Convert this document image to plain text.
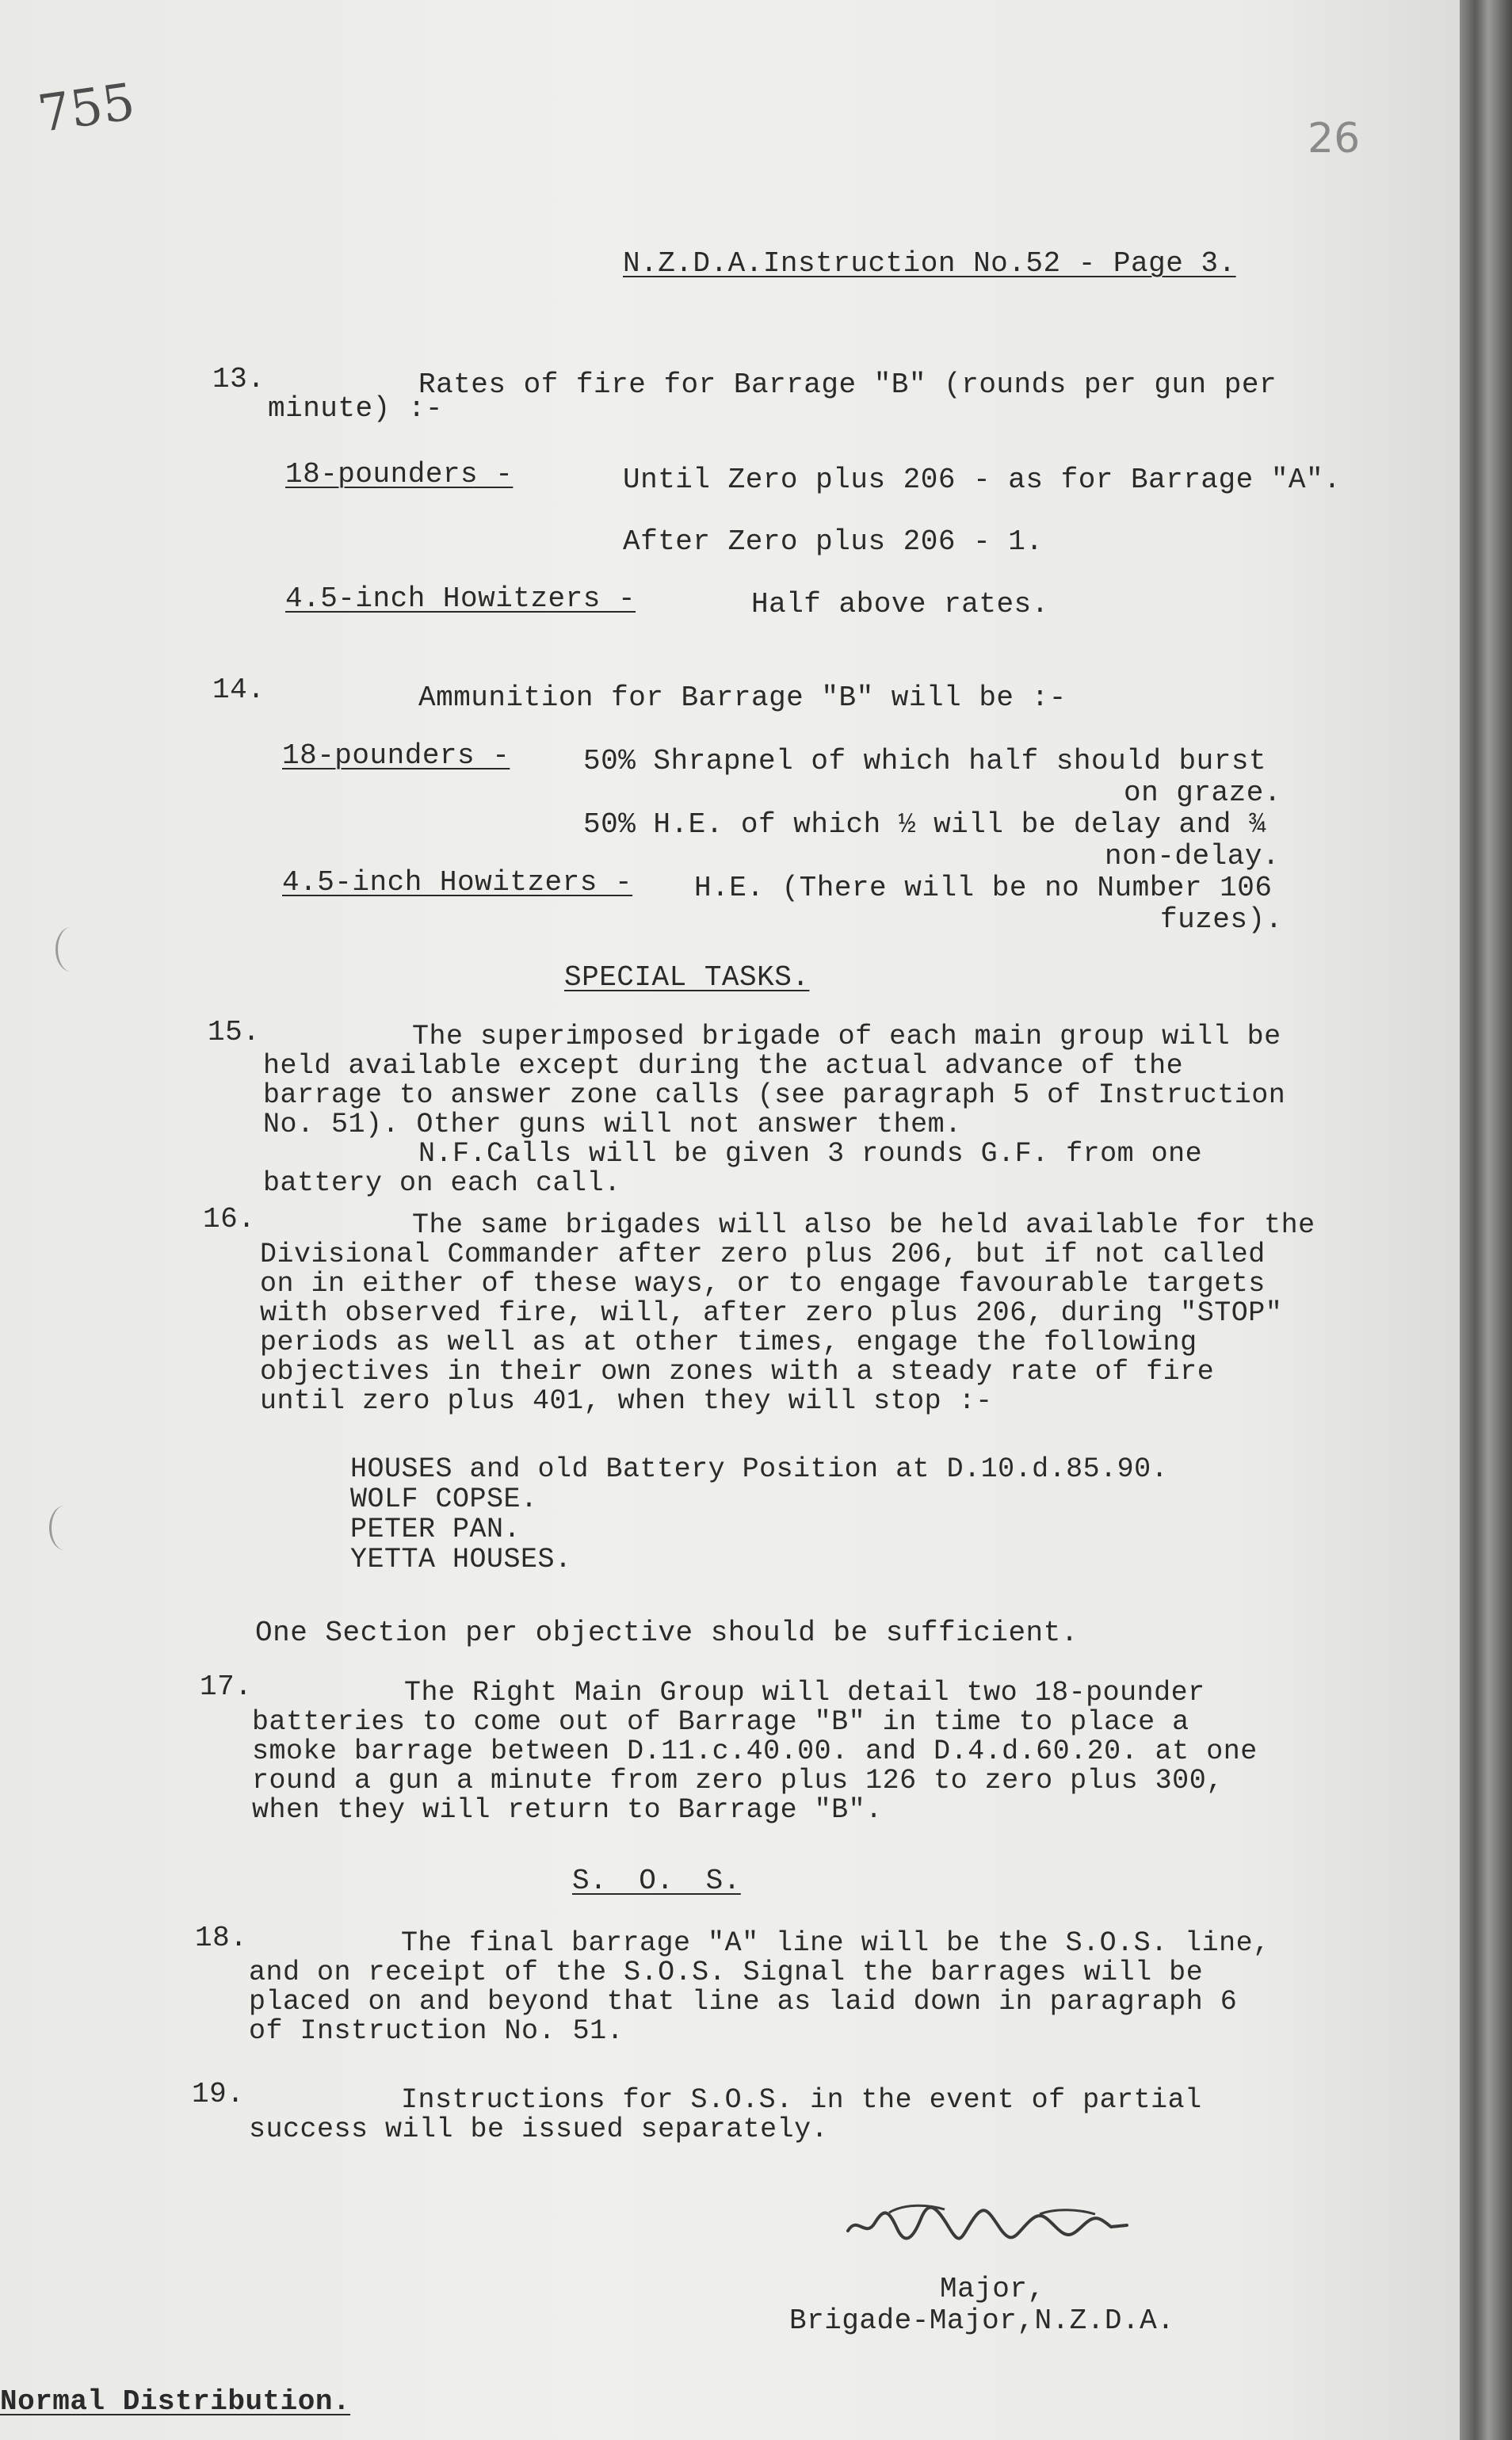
755	26
N.Z.D.A.Instruction No.52 - Page 3.
13.	Rates of fire for Barrage "B" (rounds per gun per
minute) :-
18-pounders -	Until Zero plus 206 - as for Barrage "A".
After Zero plus 206 - 1.
4.5-inch Howitzers -	Half above rates.
14.	Ammunition for Barrage "B" will be :-
18-pounders -	50% Shrapnel of which half should burst
on graze.
50% H.E. of which ½ will be delay and ¾
non-delay.
4.5-inch Howitzers - H.E. (There will be no Number 106
fuzes).
SPECIAL TASKS.
15.	The superimposed brigade of each main group will be
held available except during the actual advance of the
barrage to answer zone calls (see paragraph 5 of Instruction
No. 51). Other guns will not answer them.
N.F.Calls will be given 3 rounds G.F. from one
battery on each call.
16.	The same brigades will also be held available for the
Divisional Commander after zero plus 206, but if not called
on in either of these ways, or to engage favourable targets
with observed fire, will, after zero plus 206, during "STOP"
periods as well as at other times, engage the following
objectives in their own zones with a steady rate of fire
until zero plus 401, when they will stop :-
HOUSES and old Battery Position at D.10.d.85.90.
WOLF COPSE.
PETER PAN.
YETTA HOUSES.
One Section per objective should be sufficient.
17.	The Right Main Group will detail two 18-pounder
batteries to come out of Barrage "B" in time to place a
smoke barrage between D.11.c.40.00. and D.4.d.60.20. at one
round a gun a minute from zero plus 126 to zero plus 300,
when they will return to Barrage "B".
S. O. S.
18.	The final barrage "A" line will be the S.O.S. line,
and on receipt of the S.O.S. Signal the barrages will be
placed on and beyond that line as laid down in paragraph 6
of Instruction No. 51.
19.	Instructions for S.O.S. in the event of partial
success will be issued separately.
Major,
Brigade-Major,N.Z.D.A.
Normal Distribution.
